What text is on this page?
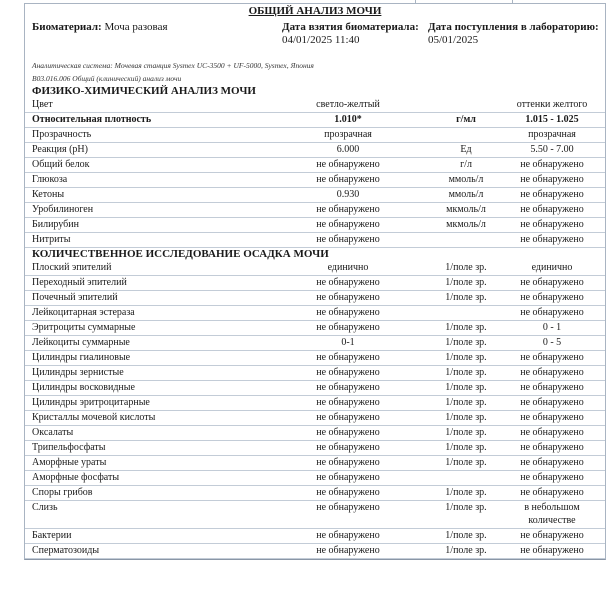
ОБЩИЙ АНАЛИЗ МОЧИ
Биоматериал: Моча разовая	Дата взятия биоматериала:
04/01/2025 11:40
Дата поступления в лабораторию:
05/01/2025
Аналитическая система: Мочевая станция Sysmex UC-3500 + UF-5000, Sysmex, Япония
B03.016.006 Общий (клинический) анализ мочи
ФИЗИКО-ХИМИЧЕСКИЙ АНАЛИЗ МОЧИ
Цвет	светло-желтый		оттенки желтого
Относительная плотность	1.010*	г/мл	1.015 - 1.025
Прозрачность	прозрачная		прозрачная
Реакция (pH)	6.000	Ед	5.50 - 7.00
Общий белок	не обнаружено	г/л	не обнаружено
Глюкоза	не обнаружено	ммоль/л	не обнаружено
Кетоны	0.930	ммоль/л	не обнаружено
Уробилиноген	не обнаружено	мкмоль/л	не обнаружено
Билирубин	не обнаружено	мкмоль/л	не обнаружено
Нитриты	не обнаружено		не обнаружено
КОЛИЧЕСТВЕННОЕ ИССЛЕДОВАНИЕ ОСАДКА МОЧИ
Плоский эпителий	единично	1/поле зр.	единично
Переходный эпителий	не обнаружено	1/поле зр.	не обнаружено
Почечный эпителий	не обнаружено	1/поле зр.	не обнаружено
Лейкоцитарная эстераза	не обнаружено		не обнаружено
Эритроциты суммарные	не обнаружено	1/поле зр.	0 - 1
Лейкоциты суммарные	0-1	1/поле зр.	0 - 5
Цилиндры гиалиновые	не обнаружено	1/поле зр.	не обнаружено
Цилиндры зернистые	не обнаружено	1/поле зр.	не обнаружено
Цилиндры восковидные	не обнаружено	1/поле зр.	не обнаружено
Цилиндры эритроцитарные	не обнаружено	1/поле зр.	не обнаружено
Кристаллы мочевой кислоты	не обнаружено	1/поле зр.	не обнаружено
Оксалаты	не обнаружено	1/поле зр.	не обнаружено
Трипельфосфаты	не обнаружено	1/поле зр.	не обнаружено
Аморфные ураты	не обнаружено	1/поле зр.	не обнаружено
Аморфные фосфаты	не обнаружено		не обнаружено
Споры грибов	не обнаружено	1/поле зр.	не обнаружено
Слизь	не обнаружено	1/поле зр.	в небольшом количестве
Бактерии	не обнаружено	1/поле зр.	не обнаружено
Сперматозоиды	не обнаружено	1/поле зр.	не обнаружено
